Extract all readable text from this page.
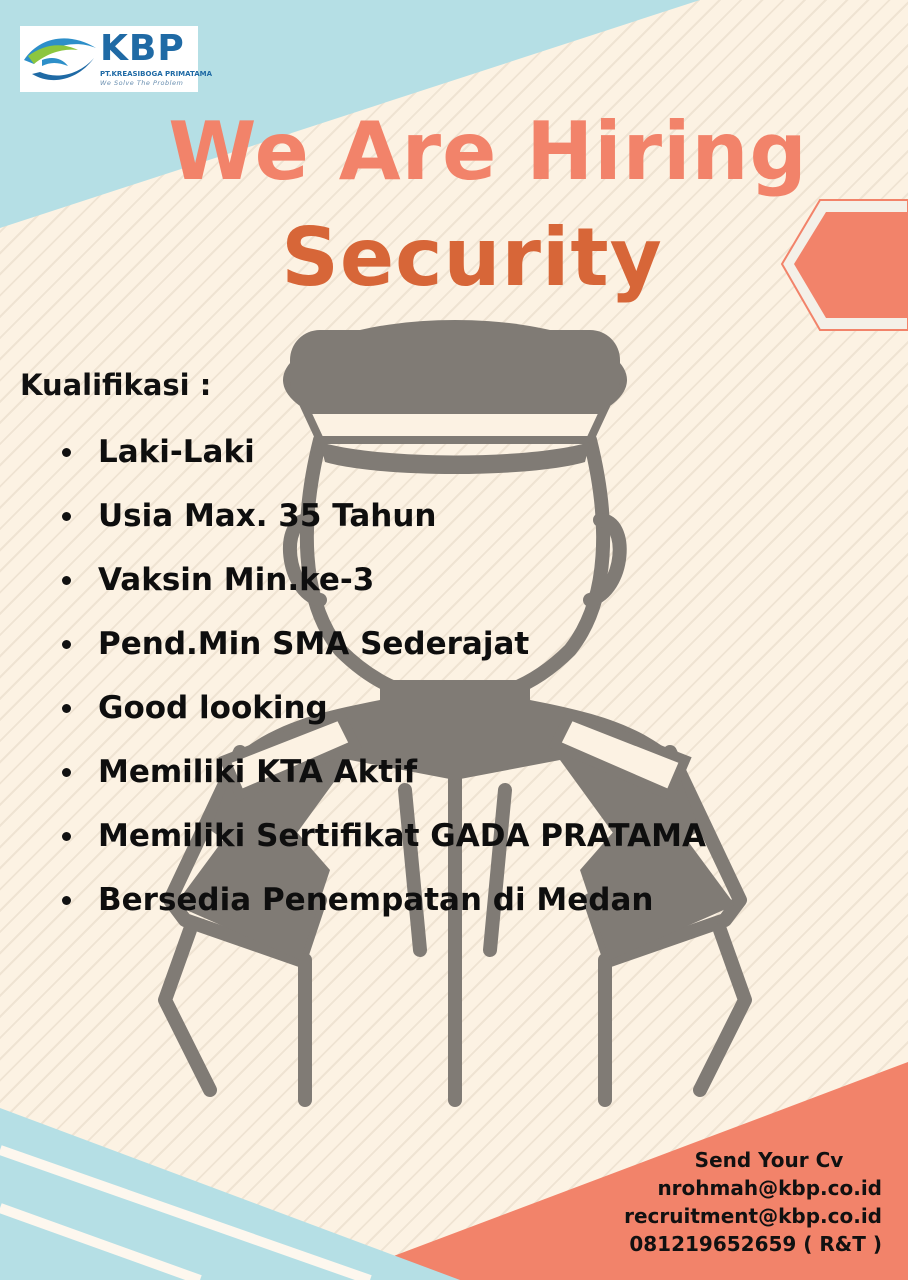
KBP
PT.KREASIBOGA PRIMATAMA
We Solve The Problem
We Are Hiring
Security
Kualifikasi :
Laki-Laki
Usia Max. 35 Tahun
Vaksin Min.ke-3
Pend.Min SMA Sederajat
Good looking
Memiliki KTA Aktif
Memiliki Sertifikat GADA PRATAMA
Bersedia Penempatan di Medan
Send Your Cv
nrohmah@kbp.co.id
recruitment@kbp.co.id
081219652659 ( R&T )
